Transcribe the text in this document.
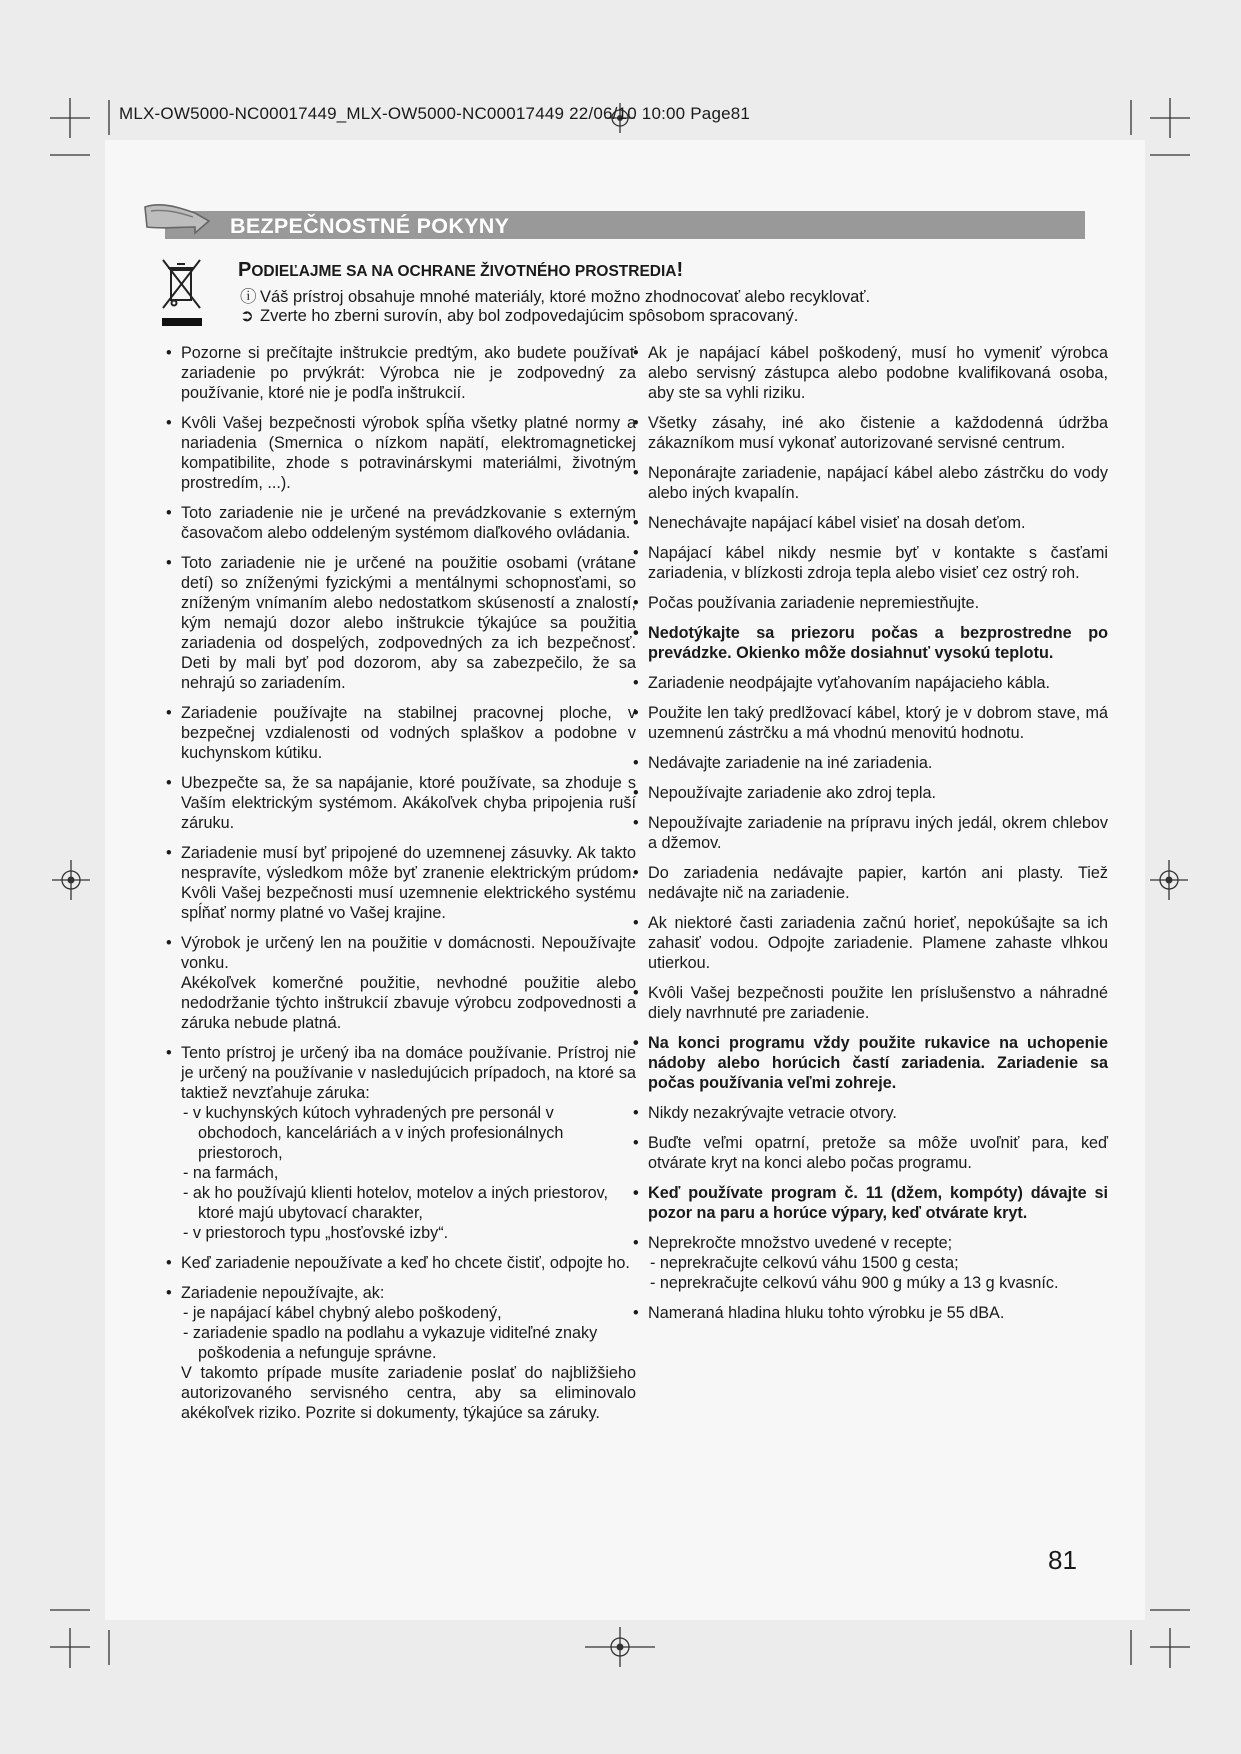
MLX-OW5000-NC00017449_MLX-OW5000-NC00017449 22/06/10 10:00 Page81
BEZPEČNOSTNÉ POKYNY
PODIEĽAJME SA NA OCHRANE ŽIVOTNÉHO PROSTREDIA!
ⓘ Váš prístroj obsahuje mnohé materiály, ktoré možno zhodnocovať alebo recyklovať.
➲ Zverte ho zberni surovín, aby bol zodpovedajúcim spôsobom spracovaný.
• Pozorne si prečítajte inštrukcie predtým, ako budete používať zariadenie po prvýkrát: Výrobca nie je zodpovedný za používanie, ktoré nie je podľa inštrukcií.
• Kvôli Vašej bezpečnosti výrobok spĺňa všetky platné normy a nariadenia (Smernica o nízkom napätí, elektromagnetickej kompatibilite, zhode s potravinárskymi materiálmi, životným prostredím, ...).
• Toto zariadenie nie je určené na prevádzkovanie s externým časovačom alebo oddeleným systémom diaľkového ovládania.
• Toto zariadenie nie je určené na použitie osobami (vrátane detí) so zníženými fyzickými a mentálnymi schopnosťami, so zníženým vnímaním alebo nedostatkom skúseností a znalostí, kým nemajú dozor alebo inštrukcie týkajúce sa použitia zariadenia od dospelých, zodpovedných za ich bezpečnosť. Deti by mali byť pod dozorom, aby sa zabezpečilo, že sa nehrajú so zariadením.
• Zariadenie používajte na stabilnej pracovnej ploche, v bezpečnej vzdialenosti od vodných splaškov a podobne v kuchynskom kútiku.
• Ubezpečte sa, že sa napájanie, ktoré používate, sa zhoduje s Vaším elektrickým systémom. Akákoľvek chyba pripojenia ruší záruku.
• Zariadenie musí byť pripojené do uzemnenej zásuvky. Ak takto nespravíte, výsledkom môže byť zranenie elektrickým prúdom. Kvôli Vašej bezpečnosti musí uzemnenie elektrického systému spĺňať normy platné vo Vašej krajine.
• Výrobok je určený len na použitie v domácnosti. Nepoužívajte vonku.
Akékoľvek komerčné použitie, nevhodné použitie alebo nedodržanie týchto inštrukcií zbavuje výrobcu zodpovednosti a záruka nebude platná.
• Tento prístroj je určený iba na domáce používanie. Prístroj nie je určený na používanie v nasledujúcich prípadoch, na ktoré sa taktiež nevzťahuje záruka:
- v kuchynských kútoch vyhradených pre personál v obchodoch, kanceláriách a v iných profesionálnych priestoroch,
- na farmách,
- ak ho používajú klienti hotelov, motelov a iných priestorov, ktoré majú ubytovací charakter,
- v priestoroch typu „hosťovské izby“.
• Keď zariadenie nepoužívate a keď ho chcete čistiť, odpojte ho.
• Zariadenie nepoužívajte, ak:
- je napájací kábel chybný alebo poškodený,
- zariadenie spadlo na podlahu a vykazuje viditeľné znaky poškodenia a nefunguje správne.
V takomto prípade musíte zariadenie poslať do najbližšieho autorizovaného servisného centra, aby sa eliminovalo akékoľvek riziko. Pozrite si dokumenty, týkajúce sa záruky.
• Ak je napájací kábel poškodený, musí ho vymeniť výrobca alebo servisný zástupca alebo podobne kvalifikovaná osoba, aby ste sa vyhli riziku.
• Všetky zásahy, iné ako čistenie a každodenná údržba zákazníkom musí vykonať autorizované servisné centrum.
• Neponárajte zariadenie, napájací kábel alebo zástrčku do vody alebo iných kvapalín.
• Nenechávajte napájací kábel visieť na dosah deťom.
• Napájací kábel nikdy nesmie byť v kontakte s časťami zariadenia, v blízkosti zdroja tepla alebo visieť cez ostrý roh.
• Počas používania zariadenie nepremiestňujte.
• Nedotýkajte sa priezoru počas a bezprostredne po prevádzke. Okienko môže dosiahnuť vysokú teplotu.
• Zariadenie neodpájajte vyťahovaním napájacieho kábla.
• Použite len taký predlžovací kábel, ktorý je v dobrom stave, má uzemnenú zástrčku a má vhodnú menovitú hodnotu.
• Nedávajte zariadenie na iné zariadenia.
• Nepoužívajte zariadenie ako zdroj tepla.
• Nepoužívajte zariadenie na prípravu iných jedál, okrem chlebov a džemov.
• Do zariadenia nedávajte papier, kartón ani plasty. Tiež nedávajte nič na zariadenie.
• Ak niektoré časti zariadenia začnú horieť, nepokúšajte sa ich zahasiť vodou. Odpojte zariadenie. Plamene zahaste vlhkou utierkou.
• Kvôli Vašej bezpečnosti použite len príslušenstvo a náhradné diely navrhnuté pre zariadenie.
• Na konci programu vždy použite rukavice na uchopenie nádoby alebo horúcich častí zariadenia. Zariadenie sa počas používania veľmi zohreje.
• Nikdy nezakrývajte vetracie otvory.
• Buďte veľmi opatrní, pretože sa môže uvoľniť para, keď otvárate kryt na konci alebo počas programu.
• Keď používate program č. 11 (džem, kompóty) dávajte si pozor na paru a horúce výpary, keď otvárate kryt.
• Neprekročte množstvo uvedené v recepte;
- neprekračujte celkovú váhu 1500 g cesta;
- neprekračujte celkovú váhu 900 g múky a 13 g kvasníc.
• Nameraná hladina hluku tohto výrobku je 55 dBA.
81
